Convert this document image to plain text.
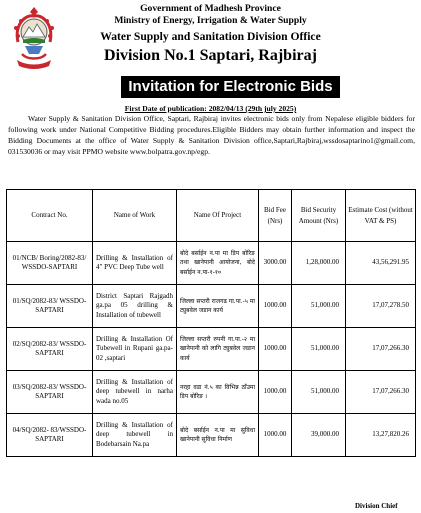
Government of Madhesh Province
Ministry of Energy, Irrigation & Water Supply
Water Supply and Sanitation Division Office
Division No.1 Saptari, Rajbiraj
Invitation for Electronic Bids
First Date of publication: 2082/04/13 (29th july 2025)

Water Supply & Sanitation Division Office, Saptari, Rajbiraj invites electronic bids only from Nepalese eligible bidders for following work under National Competitive Bidding procedures.Eligible Bidders may obtain further information and inspect the Bidding Documents at the office of Water Supply & Sanitation Division office,Saptari,Rajbiraj,wssdosaptarino1@gmail.com, 031530036 or may visit PPMO website www.bolpatra.gov.np/egp.

Contract No.	Name of Work	Name Of Project	Bid Fee (Nrs)	Bid Security Amount (Nrs)	Estimate Cost (without VAT & PS)
01/NCB/ Boring/2082-83/ WSSDO-SAPTARI	Drilling & Installation of 4" PVC Deep Tube well	बोदे बर्साईन न.पा मा डिप बोरिङ तथा खानेपानी आयोजना, बोदे बर्साईन न.पा-१-१०	3000.00	1,28,000.00	43,56,291.95
01/SQ/2082-83/ WSSDO-SAPTARI	District Saptari Rajgadh ga.pa 05 drilling & Installation of tubewell	जिल्ला सप्तरी राजगढ गा.पा.-५ मा ट्युबवेल जडान कार्य	1000.00	51,000.00	17,07,278.50
02/SQ/2082-83/ WSSDO-SAPTARI	Drilling & Installation Of Tubewell in Rupani ga.pa-02 ,saptari	जिल्ला सप्तरी रुपनी गा.पा.-२ मा खानेपानी को लागि ट्युबवेल जडान कार्य	1000.00	51,000.00	17,07,266.30
03/SQ/2082-83/ WSSDO-SAPTARI	Drilling & Installation of deep tubewell in narha wada no.05	नरहा वडा नं.५ का विभिन्न ठाँउमा डिप बोरिङ ।	1000.00	51,000.00	17,07,266.30
04/SQ/2082- 83/WSSDO- SAPTARI	Drilling & Installation of deep tubewell in Bodebarsain Na.pa	बोदे बर्साईन न.पा मा सुविधा खानेपानी सुविधा निर्माण	1000.00	39,000.00	13,27,820.26
Division Chief
